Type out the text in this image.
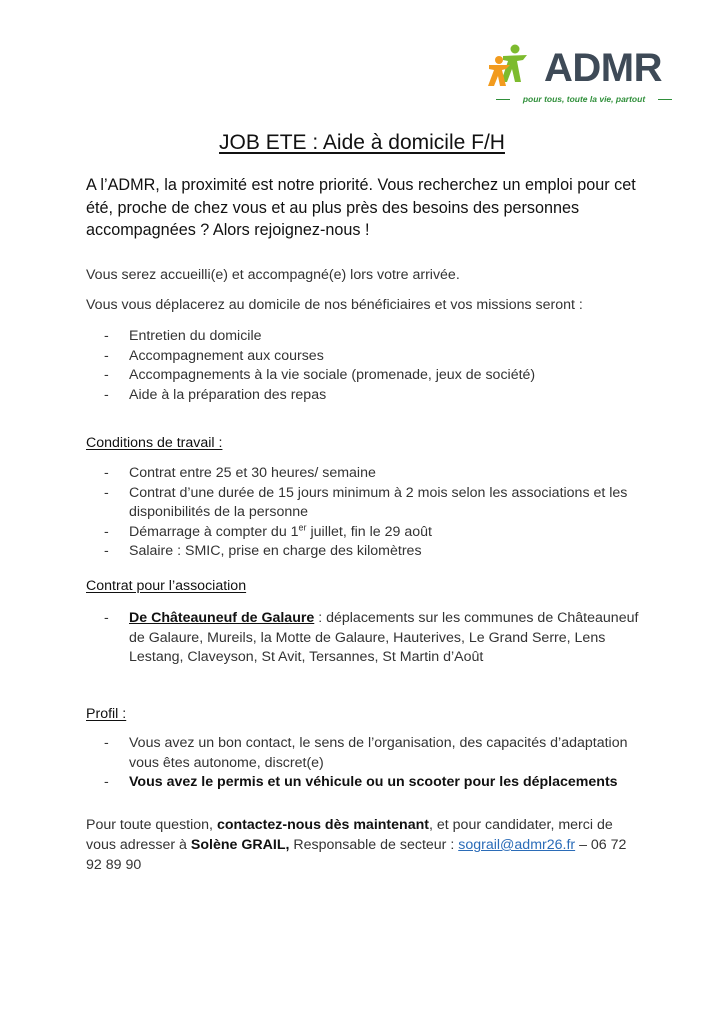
ADMR
pour tous, toute la vie, partout
JOB ETE : Aide à domicile F/H

A l’ADMR, la proximité est notre priorité. Vous recherchez un emploi pour cet été, proche de chez vous et au plus près des besoins des personnes accompagnées ? Alors rejoignez-nous !

Vous serez accueilli(e) et accompagné(e) lors votre arrivée.

Vous vous déplacerez au domicile de nos bénéficiaires et vos missions seront :

- Entretien du domicile
- Accompagnement aux courses
- Accompagnements à la vie sociale (promenade, jeux de société)
- Aide à la préparation des repas
Conditions de travail :
- Contrat entre 25 et 30 heures/ semaine
- Contrat d’une durée de 15 jours minimum à 2 mois selon les associations et les disponibilités de la personne
- Démarrage à compter du 1er juillet, fin le 29 août
- Salaire : SMIC, prise en charge des kilomètres
Contrat pour l’association
- De Châteauneuf de Galaure : déplacements sur les communes de Châteauneuf de Galaure, Mureils, la Motte de Galaure, Hauterives, Le Grand Serre, Lens Lestang, Claveyson, St Avit, Tersannes, St Martin d’Août
Profil :
- Vous avez un bon contact, le sens de l’organisation, des capacités d’adaptation vous êtes autonome, discret(e)
- Vous avez le permis et un véhicule ou un scooter pour les déplacements

Pour toute question, contactez-nous dès maintenant, et pour candidater, merci de vous adresser à Solène GRAIL, Responsable de secteur : sograil@admr26.fr – 06 72 92 89 90
